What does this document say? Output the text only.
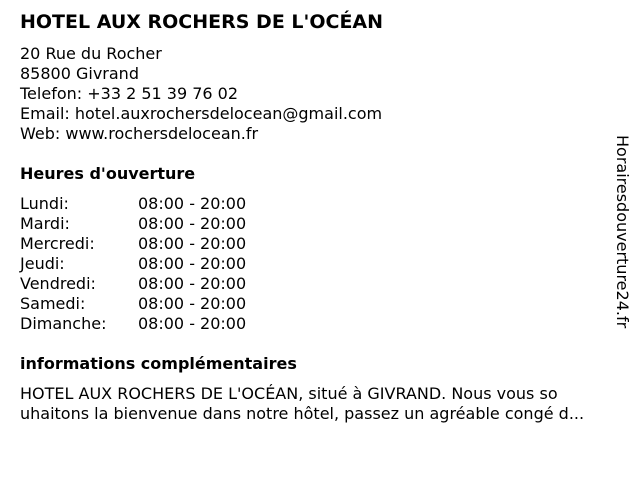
HOTEL AUX ROCHERS DE L'OCÉAN
20 Rue du Rocher
85800 Givrand
Telefon: +33 2 51 39 76 02
Email: hotel.auxrochersdelocean@gmail.com
Web: www.rochersdelocean.fr
Heures d'ouverture
Lundi:	08:00 - 20:00
Mardi:	08:00 - 20:00
Mercredi:	08:00 - 20:00
Jeudi:	08:00 - 20:00
Vendredi:	08:00 - 20:00
Samedi:	08:00 - 20:00
Dimanche: 08:00 - 20:00
informations complémentaires
HOTEL AUX ROCHERS DE L'OCÉAN, situé à GIVRAND. Nous vous so
uhaitons la bienvenue dans notre hôtel, passez un agréable congé d...
Horairesdouverture24.fr
